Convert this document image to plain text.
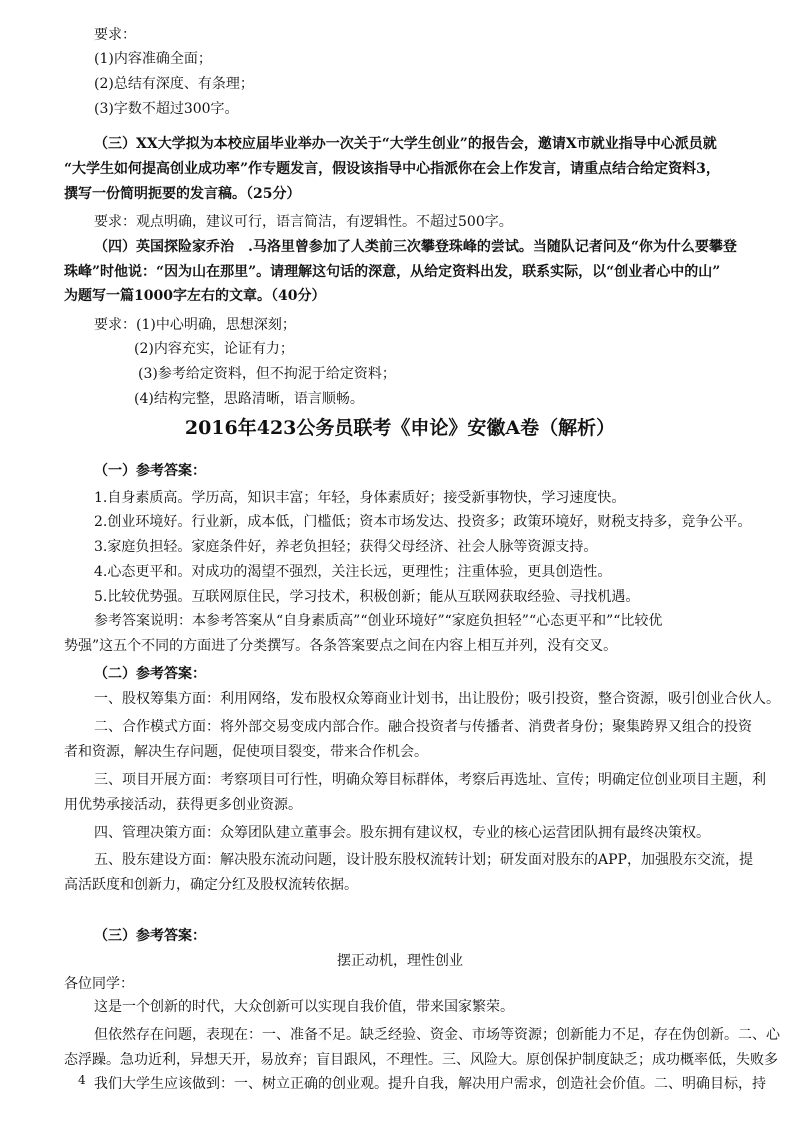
要求：
(1)内容准确全面；
(2)总结有深度、有条理；
(3)字数不超过300字。
（三）XX大学拟为本校应届毕业举办一次关于“大学生创业”的报告会，邀请X市就业指导中心派员就
“大学生如何提高创业成功率”作专题发言，假设该指导中心指派你在会上作发言，请重点结合给定资料3，
撰写一份简明扼要的发言稿。（25分）
要求：观点明确，建议可行，语言简洁，有逻辑性。不超过500字。
（四）英国探险家乔治　.马洛里曾参加了人类前三次攀登珠峰的尝试。当随队记者问及“你为什么要攀登
珠峰”时他说：“因为山在那里”。请理解这句话的深意，从给定资料出发，联系实际，以“创业者心中的山”
为题写一篇1000字左右的文章。（40分）
要求：(1)中心明确，思想深刻；
(2)内容充实，论证有力；
(3)参考给定资料，但不拘泥于给定资料；
(4)结构完整，思路清晰，语言顺畅。
2016年423公务员联考《申论》安徽A卷（解析）
（一）参考答案：
1.自身素质高。学历高，知识丰富；年轻，身体素质好；接受新事物快，学习速度快。
2.创业环境好。行业新，成本低，门槛低；资本市场发达、投资多；政策环境好，财税支持多，竞争公平。
3.家庭负担轻。家庭条件好，养老负担轻；获得父母经济、社会人脉等资源支持。
4.心态更平和。对成功的渴望不强烈，关注长远，更理性；注重体验，更具创造性。
5.比较优势强。互联网原住民，学习技术，积极创新；能从互联网获取经验、寻找机遇。
参考答案说明：本参考答案从“自身素质高”“创业环境好”“家庭负担轻”“心态更平和”“比较优
势强”这五个不同的方面进了分类撰写。各条答案要点之间在内容上相互并列，没有交叉。
（二）参考答案：
一、股权筹集方面：利用网络，发布股权众筹商业计划书，出让股份；吸引投资，整合资源，吸引创业合伙人。
二、合作模式方面：将外部交易变成内部合作。融合投资者与传播者、消费者身份；聚集跨界又组合的投资
者和资源，解决生存问题，促使项目裂变，带来合作机会。
三、项目开展方面：考察项目可行性，明确众筹目标群体，考察后再选址、宣传；明确定位创业项目主题，利
用优势承接活动，获得更多创业资源。
四、管理决策方面：众筹团队建立董事会。股东拥有建议权，专业的核心运营团队拥有最终决策权。
五、股东建设方面：解决股东流动问题，设计股东股权流转计划；研发面对股东的APP，加强股东交流，提
高活跃度和创新力，确定分红及股权流转依据。
（三）参考答案：
摆正动机，理性创业
各位同学：
这是一个创新的时代，大众创新可以实现自我价值，带来国家繁荣。
但依然存在问题，表现在：一、准备不足。缺乏经验、资金、市场等资源；创新能力不足，存在伪创新。二、心
态浮躁。急功近利，异想天开，易放弃；盲目跟风，不理性。三、风险大。原创保护制度缺乏；成功概率低，失败多
我们大学生应该做到：一、树立正确的创业观。提升自我，解决用户需求，创造社会价值。二、明确目标，持
4
